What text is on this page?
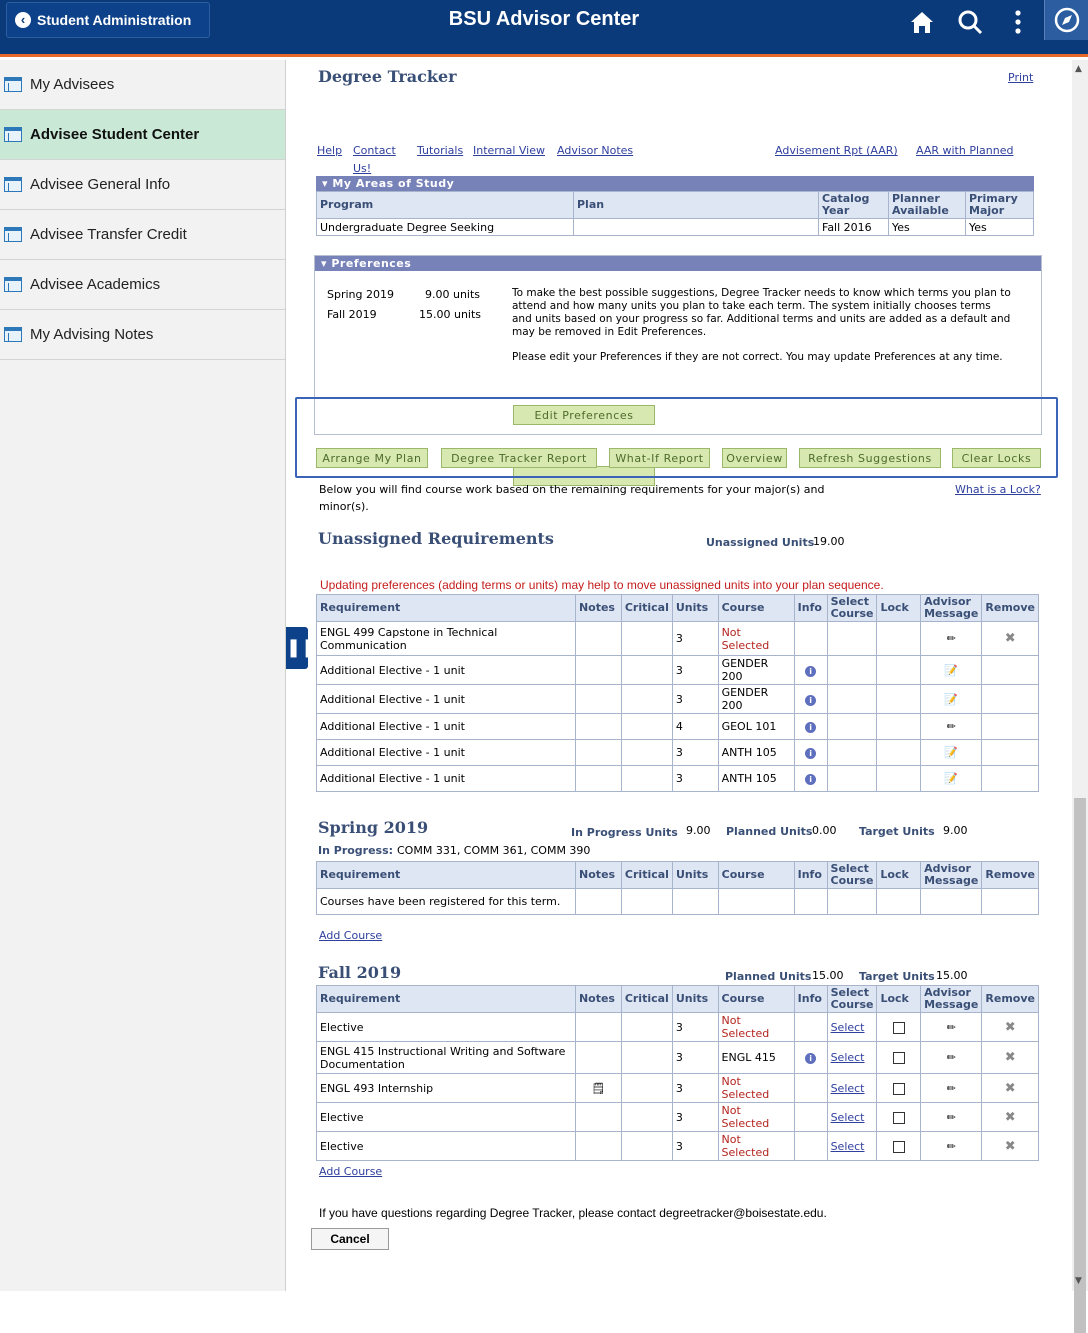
‹ Student Administration	BSU Advisor Center
My Advisees
Advisee Student Center
Advisee General Info
Advisee Transfer Credit
Advisee Academics
My Advising Notes
❚❚
▲
▼
Degree Tracker	Print
Help Contact
Us!
Tutorials Internal View Advisor Notes	Advisement Rpt (AAR) AAR with Planned
▾ My Areas of Study
Program	Plan	Catalog Year	Planner Available	Primary Major
Undergraduate Degree Seeking		Fall 2016	Yes	Yes
▾ Preferences
Spring 2019	9.00 units
Fall 2019	15.00 units
To make the best possible suggestions, Degree Tracker needs to know which terms you plan to attend and how many units you plan to take each term. The system initially chooses terms and units based on your progress so far. Additional terms and units are added as a default and may be removed in Edit Preferences.
Please edit your Preferences if they are not correct. You may update Preferences at any time.
Edit Preferences
Arrange My Plan	Degree Tracker Report	What-If Report	Overview	Refresh Suggestions	Clear Locks
Below you will find course work based on the remaining requirements for your major(s) and minor(s).
What is a Lock?
Unassigned Requirements	Unassigned Units
19.00
Updating preferences (adding terms or units) may help to move unassigned units into your plan sequence.
Requirement	Notes	Critical	Units	Course	Info	Select Course	Lock	Advisor Message	Remove
ENGL 499 Capstone in Technical Communication			3	Not Selected				✏	✖
Additional Elective - 1 unit			3	GENDER 200	i			📝	
Additional Elective - 1 unit			3	GENDER 200	i			📝	
Additional Elective - 1 unit			4	GEOL 101	i			✏	
Additional Elective - 1 unit			3	ANTH 105	i			📝	
Additional Elective - 1 unit			3	ANTH 105	i			📝	
Spring 2019	In Progress Units 9.00 Planned Units 0.00 Target Units 9.00
In Progress: COMM 331, COMM 361, COMM 390
Requirement	Notes	Critical	Units	Course	Info	Select Course	Lock	Advisor Message	Remove
Courses have been registered for this term.									
Add Course
Fall 2019	Planned Units 15.00 Target Units 15.00
Requirement	Notes	Critical	Units	Course	Info	Select Course	Lock	Advisor Message	Remove
Elective			3	Not Selected		Select		✏	✖
ENGL 415 Instructional Writing and Software Documentation			3	ENGL 415	i	Select		✏	✖
ENGL 493 Internship	🗒		3	Not Selected		Select		✏	✖
Elective			3	Not Selected		Select		✏	✖
Elective			3	Not Selected		Select		✏	✖
Add Course
If you have questions regarding Degree Tracker, please contact degreetracker@boisestate.edu.
Cancel
